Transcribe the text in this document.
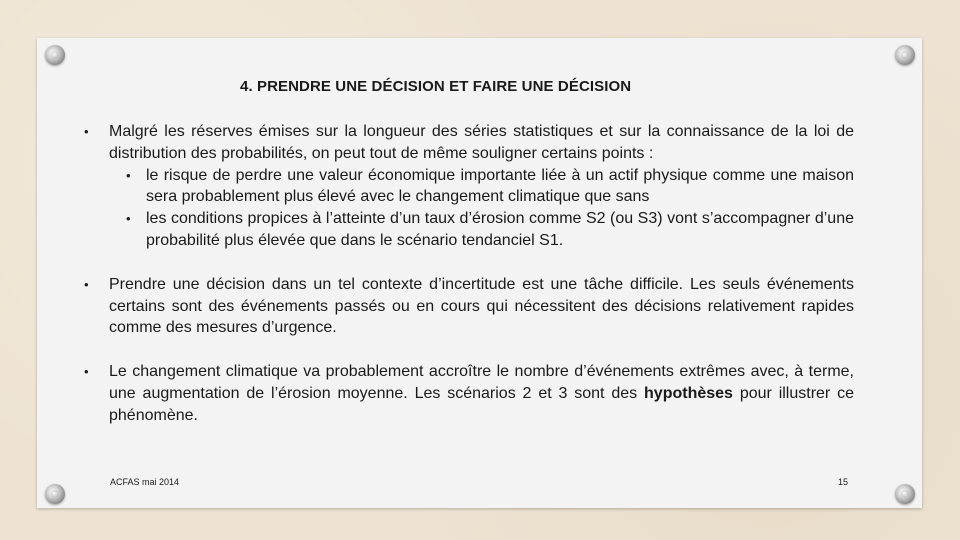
4. PRENDRE UNE DÉCISION ET FAIRE UNE DÉCISION
• Malgré les réserves émises sur la longueur des séries statistiques et sur la connaissance de la loi de distribution des probabilités, on peut tout de même souligner certains points :
• le risque de perdre une valeur économique importante liée à un actif physique comme une maison sera probablement plus élevé avec le changement climatique que sans
• les conditions propices à l’atteinte d’un taux d’érosion comme S2 (ou S3) vont s’accompagner d’une probabilité plus élevée que dans le scénario tendanciel S1.
• Prendre une décision dans un tel contexte d’incertitude est une tâche difficile. Les seuls événements certains sont des événements passés ou en cours qui nécessitent des décisions relativement rapides comme des mesures d’urgence.
• Le changement climatique va probablement accroître le nombre d’événements extrêmes avec, à terme, une augmentation de l’érosion moyenne. Les scénarios 2 et 3 sont des hypothèses pour illustrer ce phénomène.
ACFAS mai 2014	15
